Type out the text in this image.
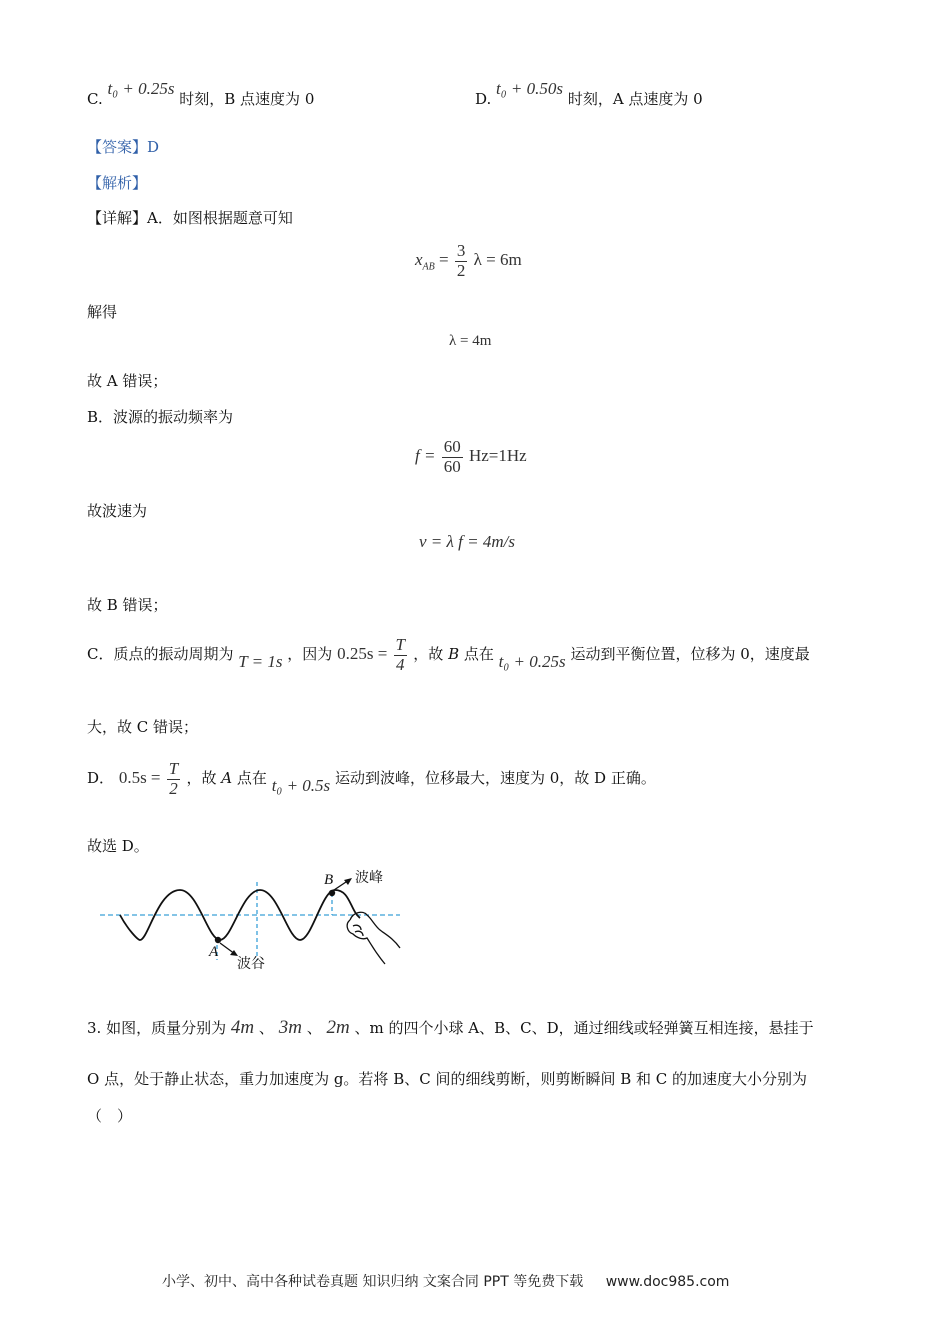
C. t₀ + 0.25s 时刻，B 点速度为 0	D. t₀ + 0.50s 时刻，A 点速度为 0
【答案】D
【解析】
【详解】A．如图根据题意可知
$x_{AB} = \frac{3}{2}$ λ = 6m
解得
λ = 4m
故 A 错误；
B．波源的振动频率为
$f = \frac{60}{60} Hz=1Hz$
故波速为
v = λ f = 4m/s
故 B 错误；
C．质点的振动周期为 T = 1s ，因为 $0.25s = \frac{T}{4}$ ，故 B 点在 t₀ + 0.25s 运动到平衡位置，位移为 0，速度最
大，故 C 错误；
D． $0.5s = \frac{T}{2}$ ，故 A 点在 t₀ + 0.5s 运动到波峰，位移最大，速度为 0，故 D 正确。
故选 D。
B
A
波峰
波谷
3. 如图，质量分别为 4m 、 3m 、 2m 、m 的四个小球 A、B、C、D，通过细线或轻弹簧互相连接，悬挂于
O 点，处于静止状态，重力加速度为 g。若将 B、C 间的细线剪断，则剪断瞬间 B 和 C 的加速度大小分别为
（　）
小学、初中、高中各种试卷真题 知识归纳 文案合同 PPT 等免费下载 www.doc985.com
